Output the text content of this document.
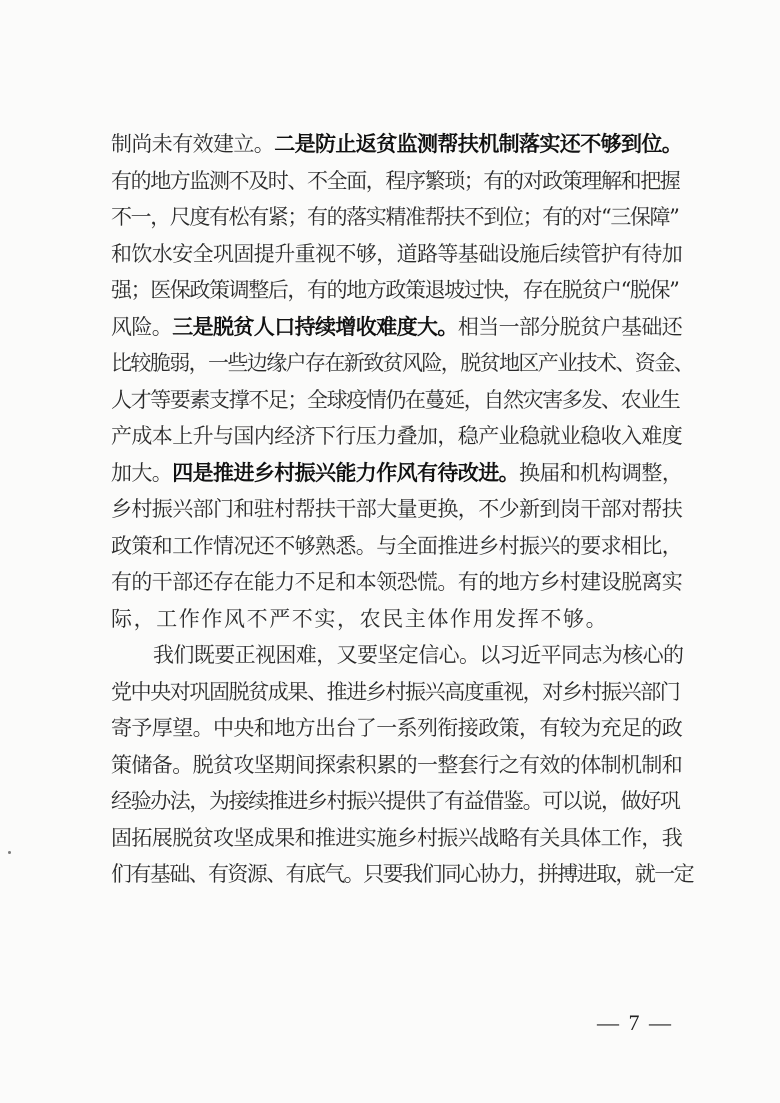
制尚未有效建立。二是防止返贫监测帮扶机制落实还不够到位。
有的地方监测不及时、不全面，程序繁琐；有的对政策理解和把握
不一，尺度有松有紧；有的落实精准帮扶不到位；有的对“三保障”
和饮水安全巩固提升重视不够，道路等基础设施后续管护有待加
强；医保政策调整后，有的地方政策退坡过快，存在脱贫户“脱保”
风险。三是脱贫人口持续增收难度大。相当一部分脱贫户基础还
比较脆弱，一些边缘户存在新致贫风险，脱贫地区产业技术、资金、
人才等要素支撑不足；全球疫情仍在蔓延，自然灾害多发、农业生
产成本上升与国内经济下行压力叠加，稳产业稳就业稳收入难度
加大。四是推进乡村振兴能力作风有待改进。换届和机构调整，
乡村振兴部门和驻村帮扶干部大量更换，不少新到岗干部对帮扶
政策和工作情况还不够熟悉。与全面推进乡村振兴的要求相比，
有的干部还存在能力不足和本领恐慌。有的地方乡村建设脱离实
际，工作作风不严不实，农民主体作用发挥不够。
我们既要正视困难，又要坚定信心。以习近平同志为核心的
党中央对巩固脱贫成果、推进乡村振兴高度重视，对乡村振兴部门
寄予厚望。中央和地方出台了一系列衔接政策，有较为充足的政
策储备。脱贫攻坚期间探索积累的一整套行之有效的体制机制和
经验办法，为接续推进乡村振兴提供了有益借鉴。可以说，做好巩
固拓展脱贫攻坚成果和推进实施乡村振兴战略有关具体工作，我
们有基础、有资源、有底气。只要我们同心协力，拼搏进取，就一定
— 7 —
